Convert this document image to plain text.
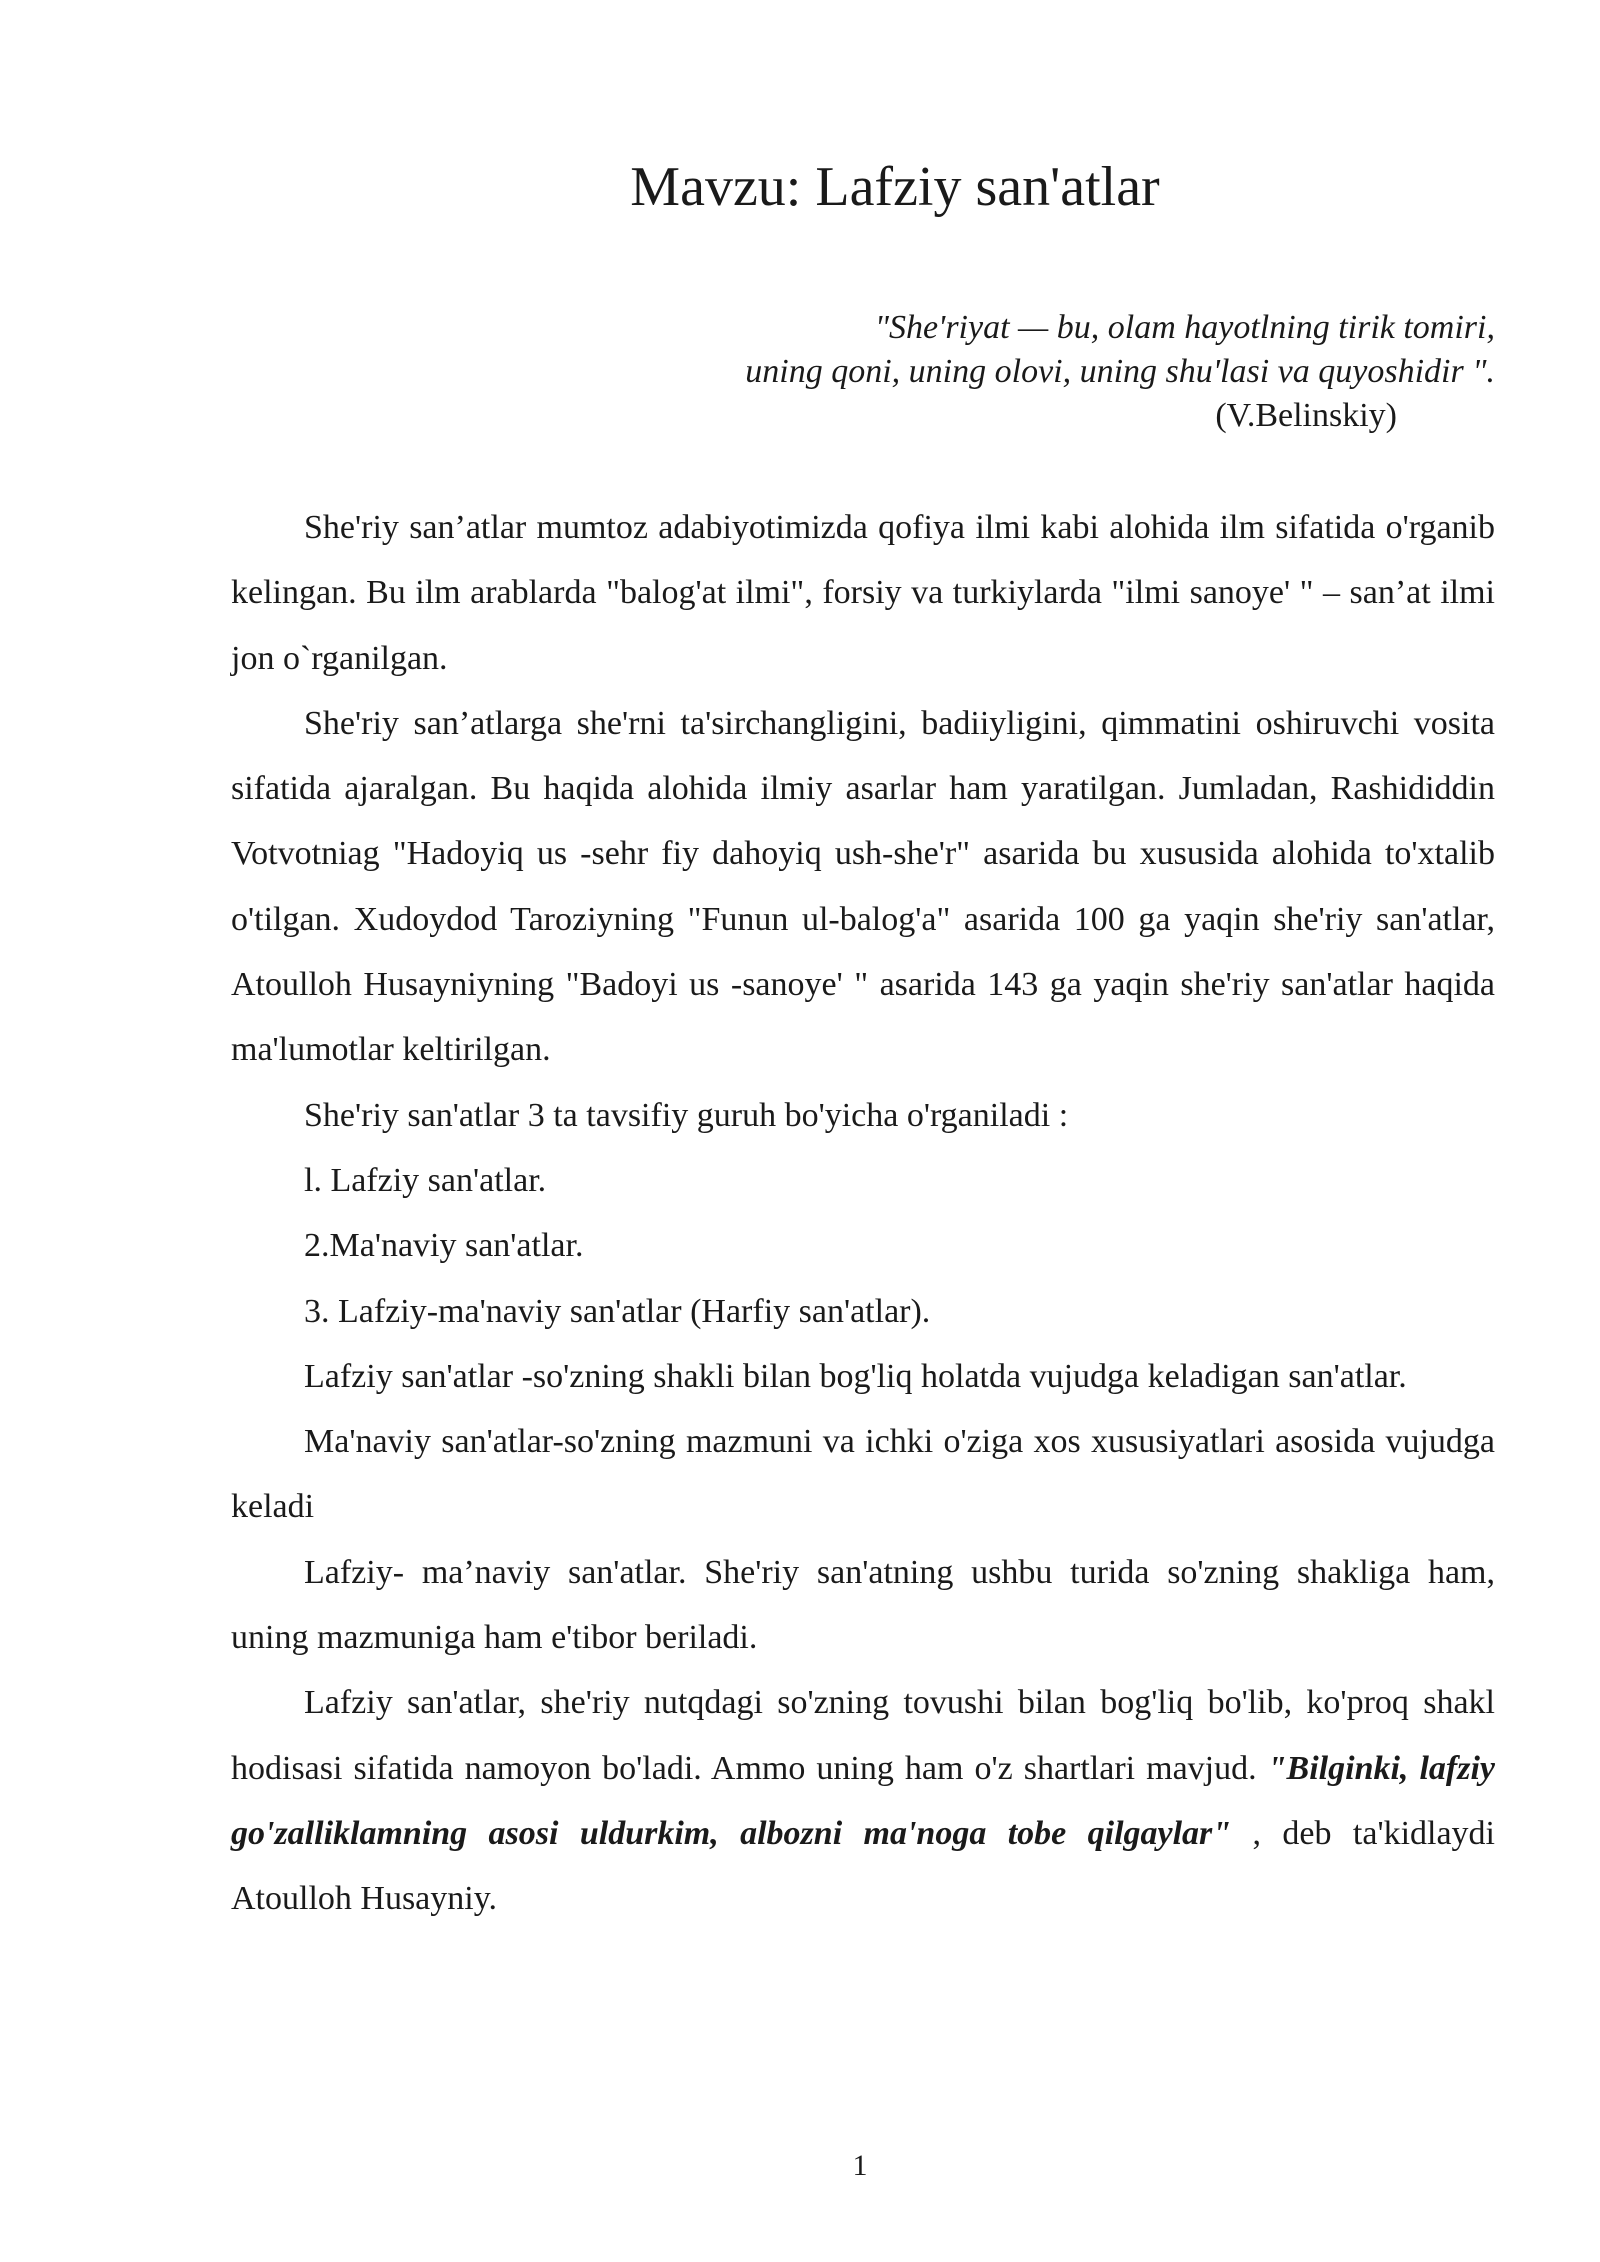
Mavzu: Lafziy san'atlar
"She'riyat — bu, olam hayotlning tirik tomiri,
uning qoni, uning olovi, uning shu'lasi va quyoshidir ".
(V.Belinskiy)

She'riy san’atlar mumtoz adabiyotimizda qofiya ilmi kabi alohida ilm sifatida o'rganib kelingan. Bu ilm arablarda "balog'at ilmi", forsiy va turkiylarda "ilmi sanoye' " – san’at ilmi jon o`rganilgan.

She'riy san’atlarga she'rni ta'sirchangligini, badiiyligini, qimmatini oshiruvchi vosita sifatida ajaralgan. Bu haqida alohida ilmiy asarlar ham yaratilgan. Jumladan, Rashididdin Votvotniag "Hadoyiq us -sehr fiy dahoyiq ush-she'r" asarida bu xususida alohida to'xtalib o'tilgan. Xudoydod Taroziyning "Funun ul-balog'a" asarida 100 ga yaqin she'riy san'atlar, Atoulloh Husayniyning "Badoyi us -sanoye' " asarida 143 ga yaqin she'riy san'atlar haqida ma'lumotlar keltirilgan.

She'riy san'atlar 3 ta tavsifiy guruh bo'yicha o'rganiladi :

l. Lafziy san'atlar.

2.Ma'naviy san'atlar.

3. Lafziy-ma'naviy san'atlar (Harfiy san'atlar).

Lafziy san'atlar -so'zning shakli bilan bog'liq holatda vujudga keladigan san'atlar.

Ma'naviy san'atlar-so'zning mazmuni va ichki o'ziga xos xususiyatlari asosida vujudga keladi

Lafziy- ma’naviy san'atlar. She'riy san'atning ushbu turida so'zning shakliga ham, uning mazmuniga ham e'tibor beriladi.

Lafziy san'atlar, she'riy nutqdagi so'zning tovushi bilan bog'liq bo'lib, ko'proq shakl hodisasi sifatida namoyon bo'ladi. Ammo uning ham o'z shartlari mavjud. "Bilginki, lafziy go'zalliklamning asosi uldurkim, albozni ma'noga tobe qilgaylar" , deb ta'kidlaydi Atoulloh Husayniy.

1
